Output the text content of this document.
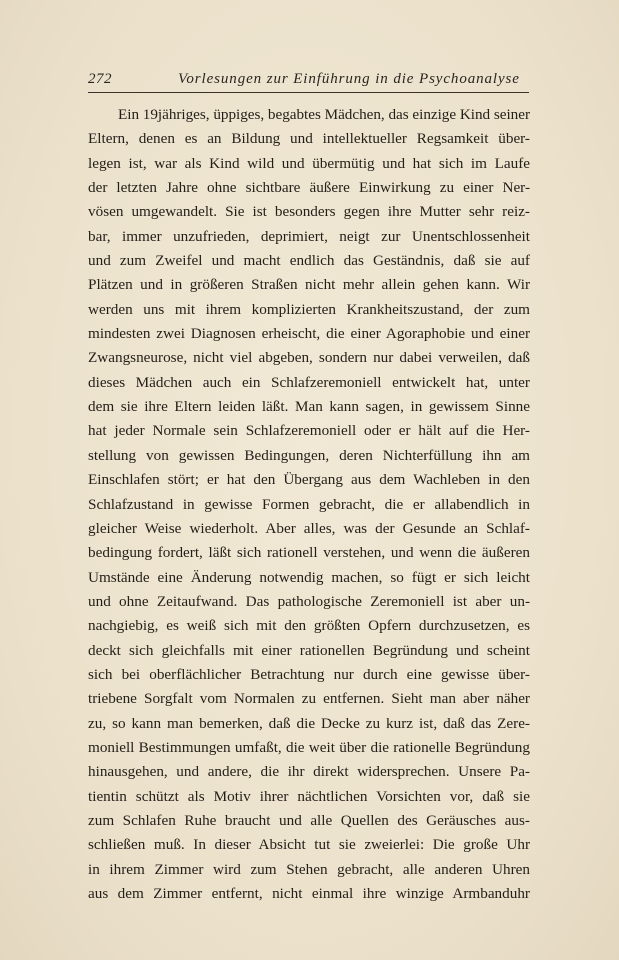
272	Vorlesungen zur Einführung in die Psychoanalyse
Ein 19jähriges, üppiges, begabtes Mädchen, das einzige Kind seiner
Eltern, denen es an Bildung und intellektueller Regsamkeit über-
legen ist, war als Kind wild und übermütig und hat sich im Laufe
der letzten Jahre ohne sichtbare äußere Einwirkung zu einer Ner-
vösen umgewandelt. Sie ist besonders gegen ihre Mutter sehr reiz-
bar, immer unzufrieden, deprimiert, neigt zur Unentschlossenheit
und zum Zweifel und macht endlich das Geständnis, daß sie auf
Plätzen und in größeren Straßen nicht mehr allein gehen kann. Wir
werden uns mit ihrem komplizierten Krankheitszustand, der zum
mindesten zwei Diagnosen erheischt, die einer Agoraphobie und einer
Zwangsneurose, nicht viel abgeben, sondern nur dabei verweilen, daß
dieses Mädchen auch ein Schlafzeremoniell entwickelt hat, unter
dem sie ihre Eltern leiden läßt. Man kann sagen, in gewissem Sinne
hat jeder Normale sein Schlafzeremoniell oder er hält auf die Her-
stellung von gewissen Bedingungen, deren Nichterfüllung ihn am
Einschlafen stört; er hat den Übergang aus dem Wachleben in den
Schlafzustand in gewisse Formen gebracht, die er allabendlich in
gleicher Weise wiederholt. Aber alles, was der Gesunde an Schlaf-
bedingung fordert, läßt sich rationell verstehen, und wenn die äußeren
Umstände eine Änderung notwendig machen, so fügt er sich leicht
und ohne Zeitaufwand. Das pathologische Zeremoniell ist aber un-
nachgiebig, es weiß sich mit den größten Opfern durchzusetzen, es
deckt sich gleichfalls mit einer rationellen Begründung und scheint
sich bei oberflächlicher Betrachtung nur durch eine gewisse über-
triebene Sorgfalt vom Normalen zu entfernen. Sieht man aber näher
zu, so kann man bemerken, daß die Decke zu kurz ist, daß das Zere-
moniell Bestimmungen umfaßt, die weit über die rationelle Begründung
hinausgehen, und andere, die ihr direkt widersprechen. Unsere Pa-
tientin schützt als Motiv ihrer nächtlichen Vorsichten vor, daß sie
zum Schlafen Ruhe braucht und alle Quellen des Geräusches aus-
schließen muß. In dieser Absicht tut sie zweierlei: Die große Uhr
in ihrem Zimmer wird zum Stehen gebracht, alle anderen Uhren
aus dem Zimmer entfernt, nicht einmal ihre winzige Armbanduhr
